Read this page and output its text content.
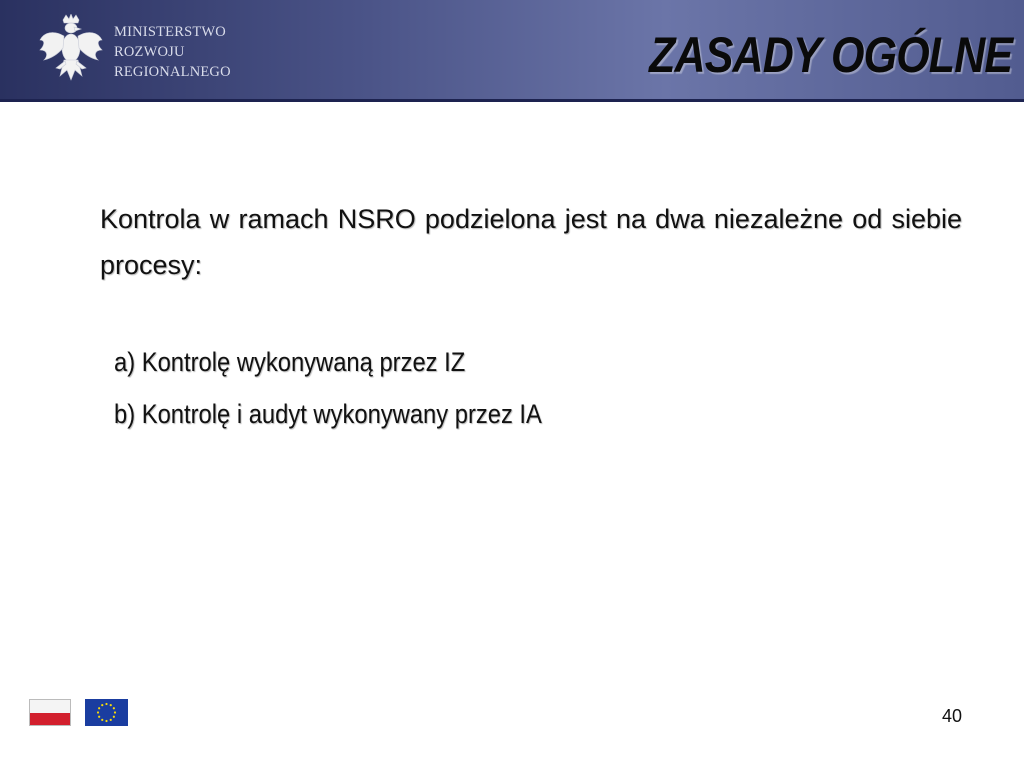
MINISTERSTWO
ROZWOJU
REGIONALNEGO	ZASADY OGÓLNE
Kontrola w ramach NSRO podzielona jest na dwa niezależne od siebie procesy:
a) Kontrolę wykonywaną przez IZ
b) Kontrolę i audyt wykonywany przez IA
40
